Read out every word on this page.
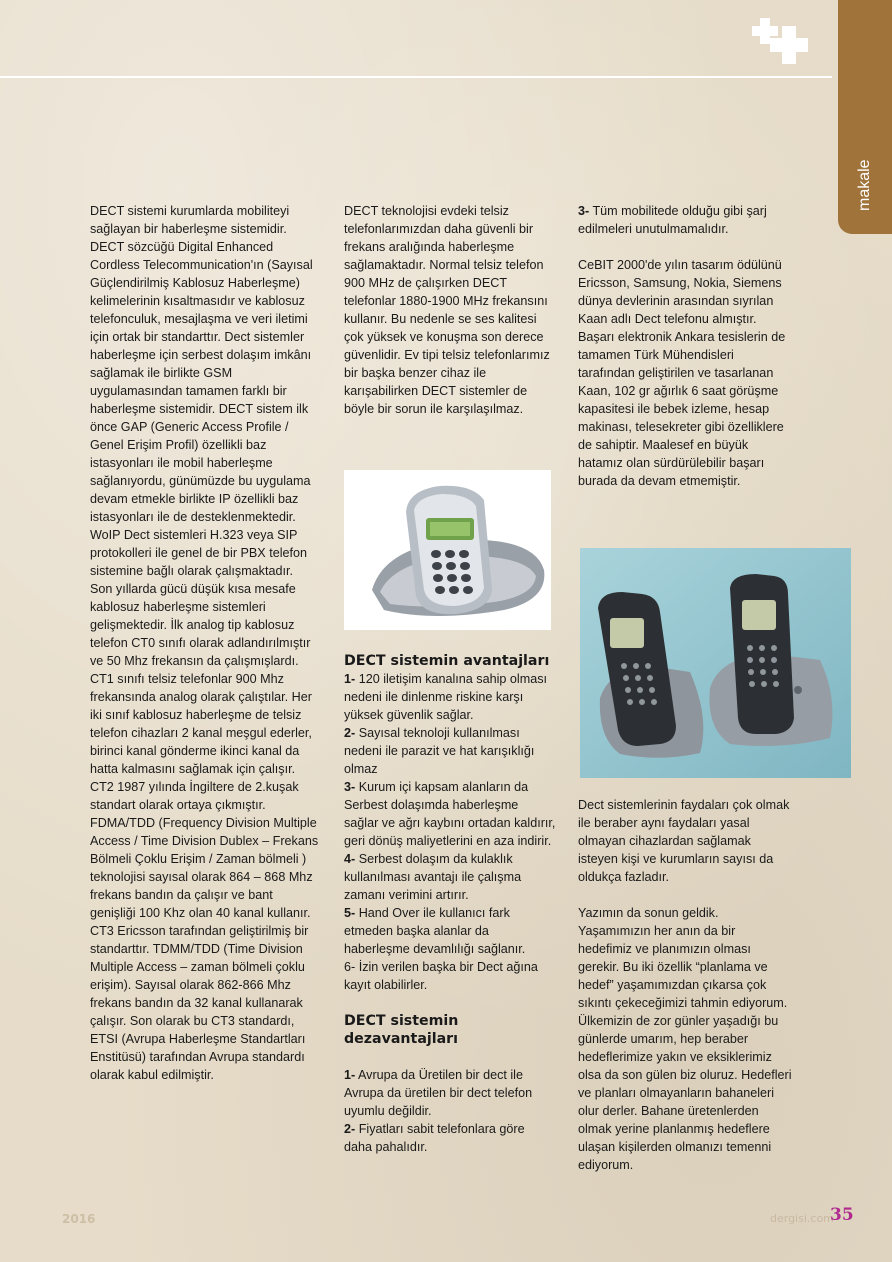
makale

DECT sistemi kurumlarda mobiliteyi sağlayan bir haberleşme sistemidir. DECT sözcüğü Digital Enhanced Cordless Telecommunication'ın (Sayısal Güçlendirilmiş Kablosuz Haberleşme) kelimelerinin kısaltmasıdır ve kablosuz telefonculuk, mesajlaşma ve veri iletimi için ortak bir standarttır. Dect sistemler haberleşme için serbest dolaşım imkânı sağlamak ile birlikte GSM uygulamasından tamamen farklı bir haberleşme sistemidir. DECT sistem ilk önce GAP (Generic Access Profile / Genel Erişim Profil) özellikli baz istasyonları ile mobil haberleşme sağlanıyordu, günümüzde bu uygulama devam etmekle birlikte IP özellikli baz istasyonları ile de desteklenmektedir. WoIP Dect sistemleri H.323 veya SIP protokolleri ile genel de bir PBX telefon sistemine bağlı olarak çalışmaktadır.

Son yıllarda gücü düşük kısa mesafe kablosuz haberleşme sistemleri gelişmektedir. İlk analog tip kablosuz telefon CT0 sınıfı olarak adlandırılmıştır ve 50 Mhz frekansın da çalışmışlardı. CT1 sınıfı telsiz telefonlar 900 Mhz frekansında analog olarak çalıştılar. Her iki sınıf kablosuz haberleşme de telsiz telefon cihazları 2 kanal meşgul ederler, birinci kanal gönderme ikinci kanal da hatta kalmasını sağlamak için çalışır. CT2 1987 yılında İngiltere de 2.kuşak standart olarak ortaya çıkmıştır. FDMA/TDD (Frequency Division Multiple Access / Time Division Dublex – Frekans Bölmeli Çoklu Erişim / Zaman bölmeli ) teknolojisi sayısal olarak 864 – 868 Mhz frekans bandın da çalışır ve bant genişliği 100 Khz olan 40 kanal kullanır. CT3 Ericsson tarafından geliştirilmiş bir standarttır. TDMM/TDD (Time Division Multiple Access – zaman bölmeli çoklu erişim). Sayısal olarak 862-866 Mhz frekans bandın da 32 kanal kullanarak çalışır. Son olarak bu CT3 standardı, ETSI (Avrupa Haberleşme Standartları Enstitüsü) tarafından Avrupa standardı olarak kabul edilmiştir.

DECT teknolojisi evdeki telsiz telefonlarımızdan daha güvenli bir frekans aralığında haberleşme sağlamaktadır. Normal telsiz telefon 900 MHz de çalışırken DECT telefonlar 1880-1900 MHz frekansını kullanır. Bu nedenle se ses kalitesi çok yüksek ve konuşma son derece güvenlidir. Ev tipi telsiz telefonlarımız bir başka benzer cihaz ile karışabilirken DECT sistemler de böyle bir sorun ile karşılaşılmaz.

DECT sistemin avantajları

1- 120 iletişim kanalına sahip olması nedeni ile dinlenme riskine karşı yüksek güvenlik sağlar.

2- Sayısal teknoloji kullanılması nedeni ile parazit ve hat karışıklığı olmaz

3- Kurum içi kapsam alanların da Serbest dolaşımda haberleşme sağlar ve ağrı kaybını ortadan kaldırır, geri dönüş maliyetlerini en aza indirir.

4- Serbest dolaşım da kulaklık kullanılması avantajı ile çalışma zamanı verimini artırır.

5- Hand Over ile kullanıcı fark etmeden başka alanlar da haberleşme devamlılığı sağlanır.

6- İzin verilen başka bir Dect ağına kayıt olabilirler.

DECT sistemin dezavantajları

1- Avrupa da Üretilen bir dect ile Avrupa da üretilen bir dect telefon uyumlu değildir.

2- Fiyatları sabit telefonlara göre daha pahalıdır.

3- Tüm mobilitede olduğu gibi şarj edilmeleri unutulmamalıdır.

CeBIT 2000'de yılın tasarım ödülünü Ericsson, Samsung, Nokia, Siemens dünya devlerinin arasından sıyrılan Kaan adlı Dect telefonu almıştır. Başarı elektronik Ankara tesislerin de tamamen Türk Mühendisleri tarafından geliştirilen ve tasarlanan Kaan, 102 gr ağırlık 6 saat görüşme kapasitesi ile bebek izleme, hesap makinası, telesekreter gibi özelliklere de sahiptir. Maalesef en büyük hatamız olan sürdürülebilir başarı burada da devam etmemiştir.

Dect sistemlerinin faydaları çok olmak ile beraber aynı faydaları yasal olmayan cihazlardan sağlamak isteyen kişi ve kurumların sayısı da oldukça fazladır.

Yazımın da sonun geldik. Yaşamımızın her anın da bir hedefimiz ve planımızın olması gerekir. Bu iki özellik “planlama ve hedef” yaşamımızdan çıkarsa çok sıkıntı çekeceğimizi tahmin ediyorum. Ülkemizin de zor günler yaşadığı bu günlerde umarım, hep beraber hedeflerimize yakın ve eksiklerimiz olsa da son gülen biz oluruz. Hedefleri ve planları olmayanların bahaneleri olur derler. Bahane üretenlerden olmak yerine planlanmış hedeflere ulaşan kişilerden olmanızı temenni ediyorum.

2016	dergisi.com
35
